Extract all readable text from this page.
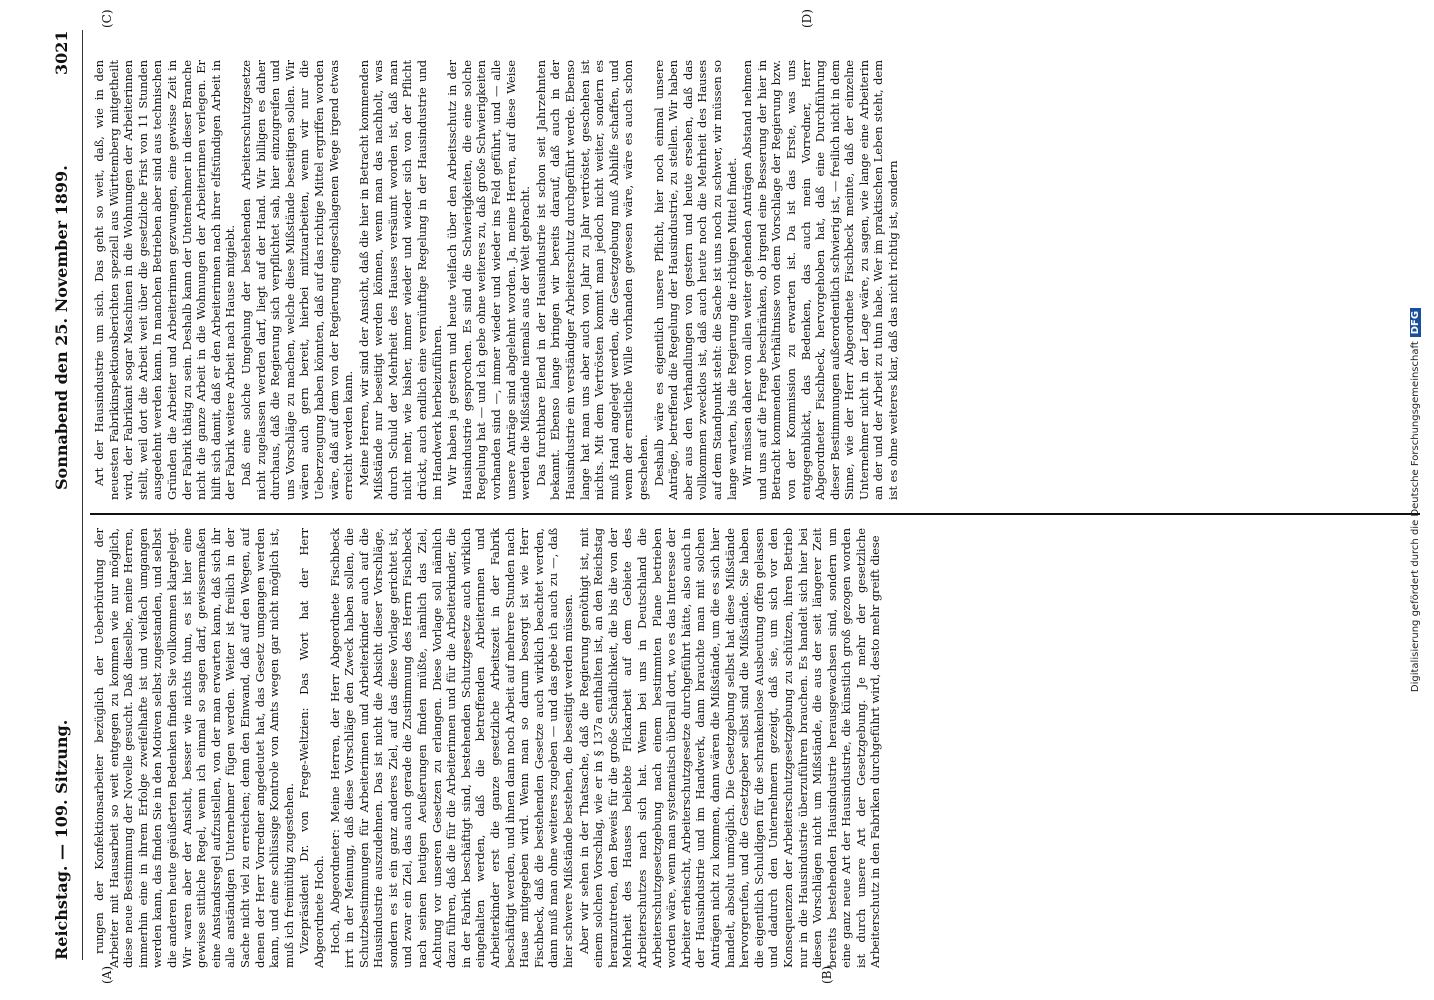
Reichstag. — 109. Sitzung.
Sonnabend den 25. November 1899.
3021
(A)	(B)
(C)	(D)

rungen der Konfektionsarbeiter bezüglich der Ueberbürdung der Arbeiter mit Hausarbeit so weit entgegen zu kommen wie nur möglich, diese neue Bestimmung der Novelle gesucht. Daß dieselbe, meine Herren, immerhin eine in ihrem Erfolge zweifelhafte ist und vielfach umgangen werden kann, das finden Sie in den Motiven selbst zugestanden, und selbst die anderen heute geäußerten Bedenken finden Sie vollkommen klargelegt. Wir waren aber der Ansicht, besser wie nichts thun, es ist hier eine gewisse sittliche Regel, wenn ich einmal so sagen darf, gewissermaßen eine Anstandsregel aufzustellen, von der man erwarten kann, daß sich ihr alle anständigen Unternehmer fügen werden. Weiter ist freilich in der Sache nicht viel zu erreichen; denn den Einwand, daß auf den Wegen, auf denen der Herr Vorredner angedeutet hat, das Gesetz umgangen werden kann, und eine schlüssige Kontrole von Amts wegen gar nicht möglich ist, muß ich freimüthig zugestehen. Vizepräsident Dr. von Frege-Weltzien: Das Wort hat der Herr Abgeordnete Hoch. Hoch, Abgeordneter: Meine Herren, der Herr Abgeordnete Fischbeck irrt in der Meinung, daß diese Vorschläge den Zweck haben sollen, die Schutzbestimmungen für Arbeiterinnen und Arbeiterkinder auch auf die Hausindustrie auszudehnen. Das ist nicht die Absicht dieser Vorschläge, sondern es ist ein ganz anderes Ziel, auf das diese Vorlage gerichtet ist, und zwar ein Ziel, das auch gerade die Zustimmung des Herrn Fischbeck nach seinen heutigen Aeußerungen finden müßte, nämlich das Ziel, Achtung vor unseren Gesetzen zu erlangen. Diese Vorlage soll nämlich dazu führen, daß die für die Arbeiterinnen und für die Arbeiterkinder, die in der Fabrik beschäftigt sind, bestehenden Schutzgesetze auch wirklich eingehalten werden, daß die betreffenden Arbeiterinnen und Arbeiterkinder erst die ganze gesetzliche Arbeitszeit in der Fabrik beschäftigt werden, und ihnen dann noch Arbeit auf mehrere Stunden nach Hause mitgegeben wird. Wenn man so darum besorgt ist wie Herr Fischbeck, daß die bestehenden Gesetze auch wirklich beachtet werden, dann muß man ohne weiteres zugeben — und das gebe ich auch zu —, daß hier schwere Mißstände bestehen, die beseitigt werden müssen. Aber wir sehen in der Thatsache, daß die Regierung genöthigt ist, mit einem solchen Vorschlag, wie er in § 137a enthalten ist, an den Reichstag heranzutreten, den Beweis für die große Schädlichkeit, die bis die von der Mehrheit des Hauses beliebte Flickarbeit auf dem Gebiete des Arbeiterschutzes nach sich hat. Wenn bei uns in Deutschland die Arbeiterschutzgesetzgebung nach einem bestimmten Plane betrieben worden wäre, wenn man systematisch überall dort, wo es das Interesse der Arbeiter erheischt, Arbeiterschutzgesetze durchgeführt hätte, also auch in der Hausindustrie und im Handwerk, dann brauchte man mit solchen Anträgen nicht zu kommen, dann wären die Mißstände, um die es sich hier handelt, absolut unmöglich. Die Gesetzgebung selbst hat diese Mißstände hervorgerufen, und die Gesetzgeber selbst sind die Mißstände. Sie haben die eigentlich Schuldigen für die schrankenlose Ausbeutung offen gelassen und dadurch den Unternehmern gezeigt, daß sie, um sich vor den Konsequenzen der Arbeiterschutzgesetzgebung zu schützen, ihren Betrieb nur in die Hausindustrie überzuführen brauchen. Es handelt sich hier bei diesen Vorschlägen nicht um Mißstände, die aus der seit längerer Zeit bereits bestehenden Hausindustrie herausgewachsen sind, sondern um eine ganz neue Art der Hausindustrie, die künstlich groß gezogen worden ist durch unsere Art der Gesetzgebung. Je mehr der gesetzliche Arbeiterschutz in den Fabriken durchgeführt wird, desto mehr greift diese

Art der Hausindustrie um sich. Das geht so weit, daß, wie in den neuesten Fabrikinspektionsberichten speziell aus Württemberg mitgetheilt wird, der Fabrikant sogar Maschinen in die Wohnungen der Arbeiterinnen stellt, weil dort die Arbeit weit über die gesetzliche Frist von 11 Stunden ausgedehnt werden kann. In manchen Betrieben aber sind aus technischen Gründen die Arbeiter und Arbeiterinnen gezwungen, eine gewisse Zeit in der Fabrik thätig zu sein. Deshalb kann der Unternehmer in dieser Branche nicht die ganze Arbeit in die Wohnungen der Arbeiterinnen verlegen. Er hilft sich damit, daß er den Arbeiterinnen nach ihrer elfstündigen Arbeit in der Fabrik weitere Arbeit nach Hause mitgiebt. Daß eine solche Umgehung der bestehenden Arbeiterschutzgesetze nicht zugelassen werden darf, liegt auf der Hand. Wir billigen es daher durchaus, daß die Regierung sich verpflichtet sah, hier einzugreifen und uns Vorschläge zu machen, welche diese Mißstände beseitigen sollen. Wir wären auch gern bereit, hierbei mitzuarbeiten, wenn wir nur die Ueberzeugung haben könnten, daß auf das richtige Mittel ergriffen worden wäre, daß auf dem von der Regierung eingeschlagenen Wege irgend etwas erreicht werden kann. Meine Herren, wir sind der Ansicht, daß die hier in Betracht kommenden Mißstände nur beseitigt werden können, wenn man das nachholt, was durch Schuld der Mehrheit des Hauses versäumt worden ist, daß man nicht mehr, wie bisher, immer wieder und wieder sich von der Pflicht drückt, auch endlich eine vernünftige Regelung in der Hausindustrie und im Handwerk herbeizuführen. Wir haben ja gestern und heute vielfach über den Arbeitsschutz in der Hausindustrie gesprochen. Es sind die Schwierigkeiten, die eine solche Regelung hat — und ich gebe ohne weiteres zu, daß große Schwierigkeiten vorhanden sind —, immer wieder und wieder ins Feld geführt, und — alle unsere Anträge sind abgelehnt worden. Ja, meine Herren, auf diese Weise werden die Mißstände niemals aus der Welt gebracht. Das furchtbare Elend in der Hausindustrie ist schon seit Jahrzehnten bekannt. Ebenso lange bringen wir bereits darauf, daß auch in der Hausindustrie ein verständiger Arbeiterschutz durchgeführt werde. Ebenso lange hat man uns aber auch von Jahr zu Jahr vertröstet, geschehen ist nichts. Mit dem Vertrösten kommt man jedoch nicht weiter, sondern es muß Hand angelegt werden, die Gesetzgebung muß Abhilfe schaffen, und wenn der ernstliche Wille vorhanden gewesen wäre, wäre es auch schon geschehen. Deshalb wäre es eigentlich unsere Pflicht, hier noch einmal unsere Anträge, betreffend die Regelung der Hausindustrie, zu stellen. Wir haben aber aus den Verhandlungen von gestern und heute ersehen, daß das vollkommen zwecklos ist, daß auch heute noch die Mehrheit des Hauses auf dem Standpunkt steht: die Sache ist uns noch zu schwer, wir müssen so lange warten, bis die Regierung die richtigen Mittel findet. Wir müssen daher von allen weiter gehenden Anträgen Abstand nehmen und uns auf die Frage beschränken, ob irgend eine Besserung der hier in Betracht kommenden Verhältnisse von dem Vorschlage der Regierung bzw. von der Kommission zu erwarten ist. Da ist das Erste, was uns entgegenblickt, das Bedenken, das auch mein Vorredner, Herr Abgeordneter Fischbeck, hervorgehoben hat, daß eine Durchführung dieser Bestimmungen außerordentlich schwierig ist, — freilich nicht in dem Sinne, wie der Herr Abgeordnete Fischbeck meinte, daß der einzelne Unternehmer nicht in der Lage wäre, zu sagen, wie lange eine Arbeiterin an der und der Arbeit zu thun habe. Wer im praktischen Leben steht, dem ist es ohne weiteres klar, daß das nicht richtig ist, sondern

Digitalisierung gefördert durch die Deutsche ForschungsgemeinschaftDFG
